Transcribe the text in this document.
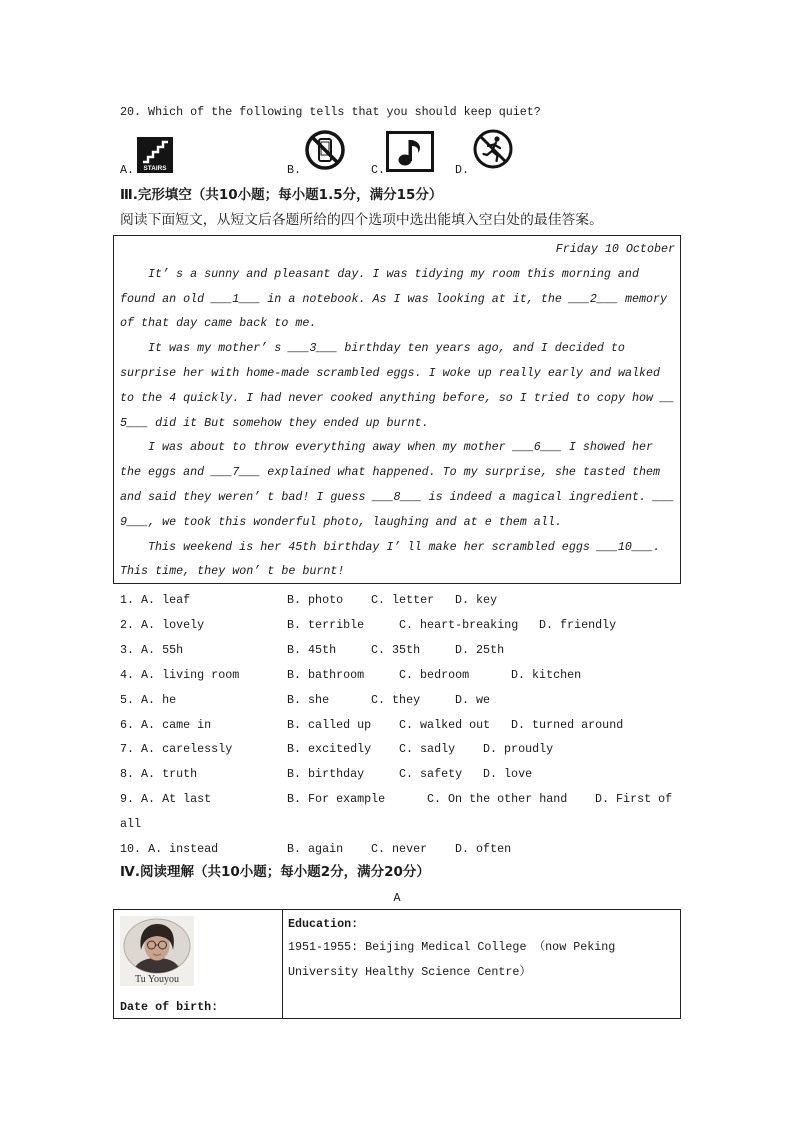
20. Which of the following tells that you should keep quiet?
A. STAIRS	B.	C.	D.
Ⅲ.完形填空（共10小题；每小题1.5分，满分15分）
阅读下面短文，从短文后各题所给的四个选项中选出能填入空白处的最佳答案。
Friday 10 October
It’ s a sunny and pleasant day. I was tidying my room this morning and
found an old ___1___ in a notebook. As I was looking at it, the ___2___ memory
of that day came back to me.
It was my mother’ s ___3___ birthday ten years ago, and I decided to
surprise her with home-made scrambled eggs. I woke up really early and walked
to the 4 quickly. I had never cooked anything before, so I tried to copy how __
5___ did it But somehow they ended up burnt.
I was about to throw everything away when my mother ___6___ I showed her
the eggs and ___7___ explained what happened. To my surprise, she tasted them
and said they weren’ t bad! I guess ___8___ is indeed a magical ingredient. ___
9___, we took this wonderful photo, laughing and at e them all.
This weekend is her 45th birthday I’ ll make her scrambled eggs ___10___.
This time, they won’ t be burnt!
1. A. leaf	B. photo C. letter D. key
2. A. lovely	B. terrible	C. heart-breaking D. friendly
3. A. 55h	B. 45th	C. 35th	D. 25th
4. A. living room	B. bathroom	C. bedroom	D. kitchen
5. A. he	B. she	C. they	D. we
6. A. came in	B. called up C. walked out D. turned around
7. A. carelessly	B. excitedly C. sadly D. proudly
8. A. truth	B. birthday	C. safety D. love
9. A. At last	B. For example	C. On the other hand D. First of all
10. A. instead	B. again C. never D. often
Ⅳ.阅读理解（共10小题；每小题2分，满分20分）
A
Tu Youyou
Date of birth:
Education:
1951-1955: Beijing Medical College （now Peking
University Healthy Science Centre）
